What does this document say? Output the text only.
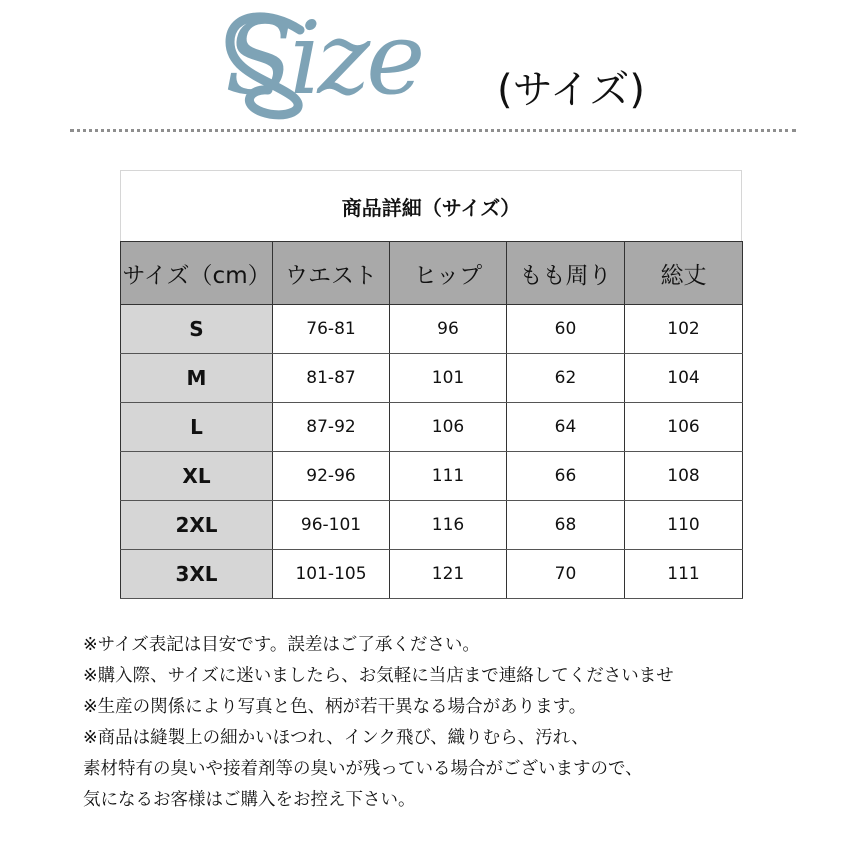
Size (サイズ)
商品詳細（サイズ）
サイズ（cm）	ウエスト	ヒップ	もも周り	総丈
S	76-81	96	60	102
M	81-87	101	62	104
L	87-92	106	64	106
XL	92-96	111	66	108
2XL	96-101	116	68	110
3XL	101-105	121	70	111
※サイズ表記は目安です。誤差はご了承ください。
※購入際、サイズに迷いましたら、お気軽に当店まで連絡してくださいませ
※生産の関係により写真と色、柄が若干異なる場合があります。
※商品は縫製上の細かいほつれ、インク飛び、織りむら、汚れ、
素材特有の臭いや接着剤等の臭いが残っている場合がございますので、
気になるお客様はご購入をお控え下さい。
